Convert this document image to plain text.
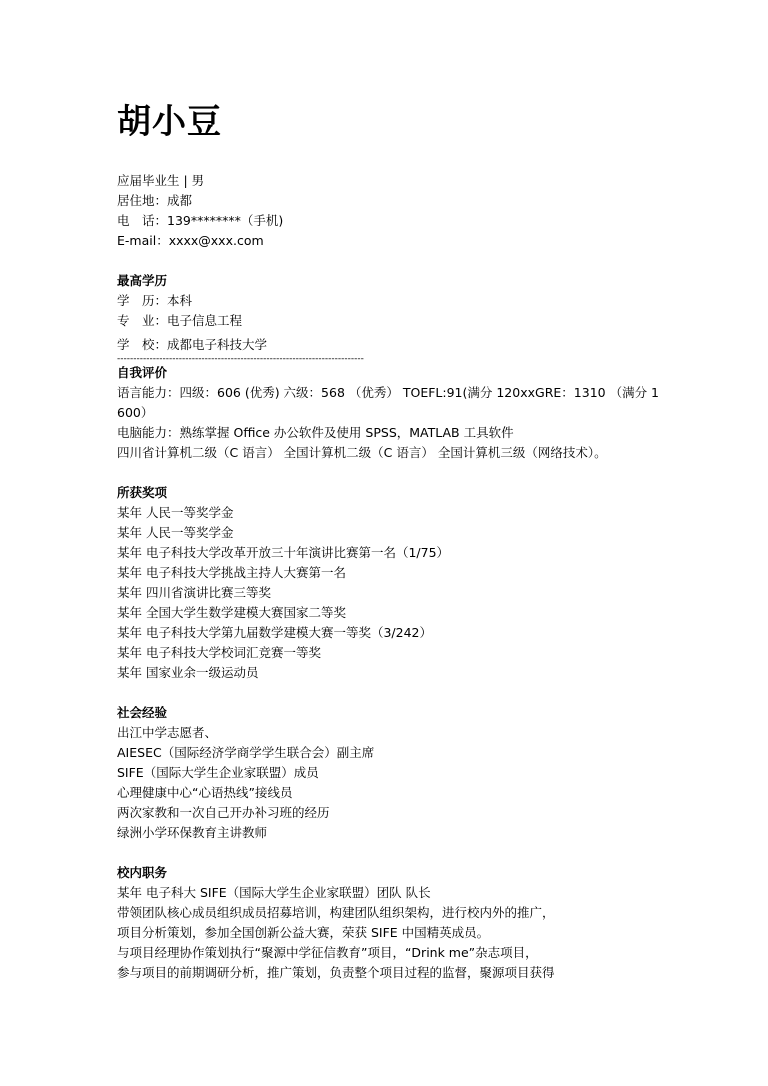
胡小豆
应届毕业生 | 男
居住地：成都
电　话：139********（手机)
E-mail：xxxx@xxx.com
最高学历
学　历：本科
专　业：电子信息工程
学　校：成都电子科技大学
----------------------------------------------------------------------------
自我评价
语言能力：四级：606 (优秀) 六级：568 （优秀） TOEFL:91(满分 120xxGRE：1310 （满分 1600）
电脑能力：熟练掌握 Office 办公软件及使用 SPSS，MATLAB 工具软件
四川省计算机二级（C 语言） 全国计算机二级（C 语言） 全国计算机三级（网络技术）。
所获奖项
某年 人民一等奖学金
某年 人民一等奖学金
某年 电子科技大学改革开放三十年演讲比赛第一名（1/75）
某年 电子科技大学挑战主持人大赛第一名
某年 四川省演讲比赛三等奖
某年 全国大学生数学建模大赛国家二等奖
某年 电子科技大学第九届数学建模大赛一等奖（3/242）
某年 电子科技大学校词汇竞赛一等奖
某年 国家业余一级运动员
社会经验
出江中学志愿者、
AIESEC（国际经济学商学学生联合会）副主席
SIFE（国际大学生企业家联盟）成员
心理健康中心“心语热线”接线员
两次家教和一次自己开办补习班的经历
绿洲小学环保教育主讲教师
校内职务
某年 电子科大 SIFE（国际大学生企业家联盟）团队 队长
带领团队核心成员组织成员招募培训，构建团队组织架构，进行校内外的推广，
项目分析策划，参加全国创新公益大赛，荣获 SIFE 中国精英成员。
与项目经理协作策划执行“聚源中学征信教育”项目，“Drink me”杂志项目，
参与项目的前期调研分析，推广策划，负责整个项目过程的监督，聚源项目获得
